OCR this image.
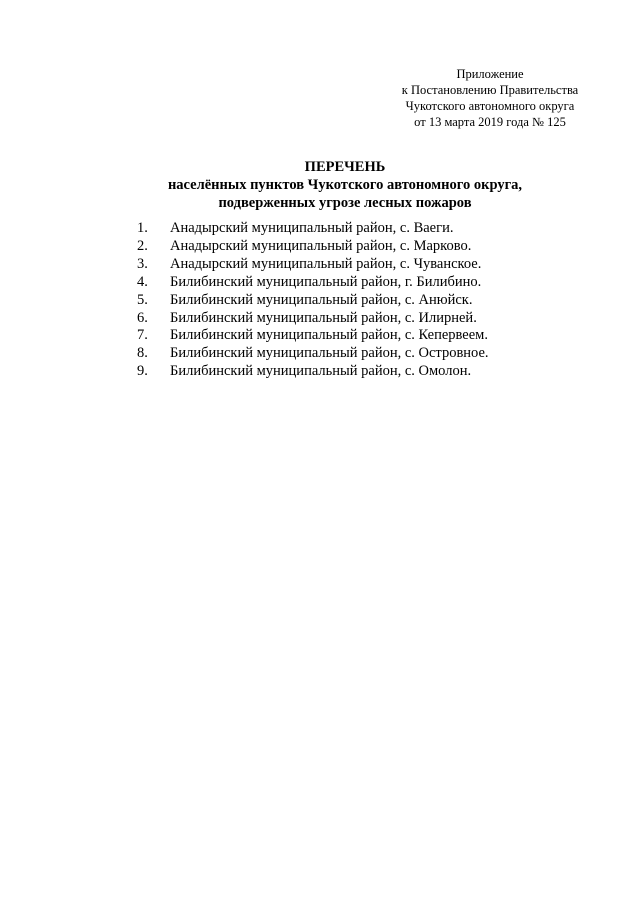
Приложение
к Постановлению Правительства
Чукотского автономного округа
от 13 марта 2019 года № 125
ПЕРЕЧЕНЬ
населённых пунктов Чукотского автономного округа,
подверженных угрозе лесных пожаров
1.	Анадырский муниципальный район, с. Ваеги.
2.	Анадырский муниципальный район, с. Марково.
3.	Анадырский муниципальный район, с. Чуванское.
4.	Билибинский муниципальный район, г. Билибино.
5.	Билибинский муниципальный район, с. Анюйск.
6.	Билибинский муниципальный район, с. Илирней.
7.	Билибинский муниципальный район, с. Кепервеем.
8.	Билибинский муниципальный район, с. Островное.
9.	Билибинский муниципальный район, с. Омолон.
